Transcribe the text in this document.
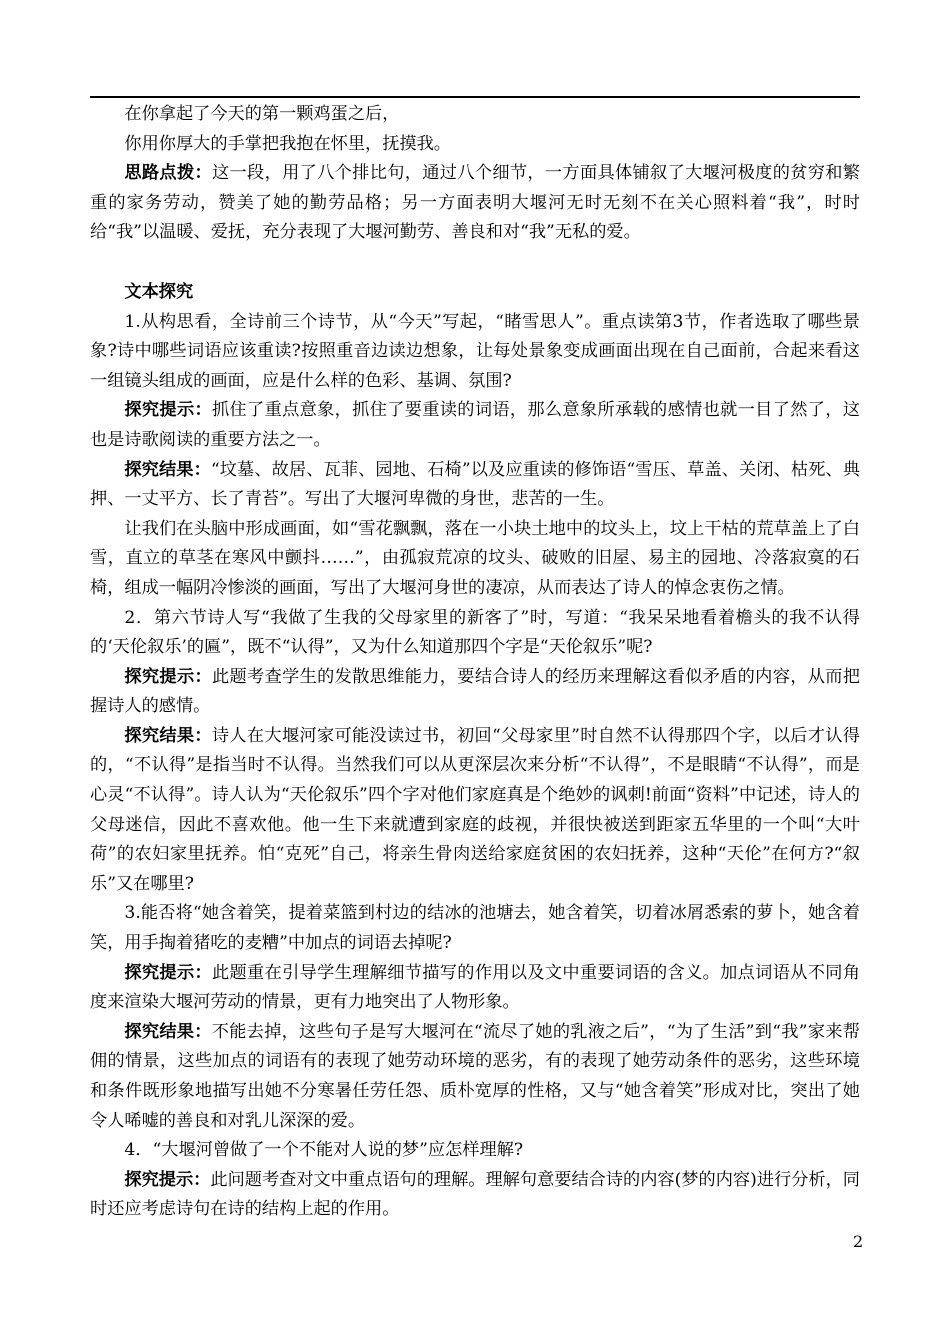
在你拿起了今天的第一颗鸡蛋之后，

你用你厚大的手掌把我抱在怀里，抚摸我。

思路点拨：这一段，用了八个排比句，通过八个细节，一方面具体铺叙了大堰河极度的贫穷和繁重的家务劳动，赞美了她的勤劳品格；另一方面表明大堰河无时无刻不在关心照料着“我”，时时给“我”以温暖、爱抚，充分表现了大堰河勤劳、善良和对“我”无私的爱。

文本探究

1.从构思看，全诗前三个诗节，从“今天”写起，“睹雪思人”。重点读第3节，作者选取了哪些景象?诗中哪些词语应该重读?按照重音边读边想象，让每处景象变成画面出现在自己面前，合起来看这一组镜头组成的画面，应是什么样的色彩、基调、氛围?

探究提示：抓住了重点意象，抓住了要重读的词语，那么意象所承载的感情也就一目了然了，这也是诗歌阅读的重要方法之一。

探究结果：“坟墓、故居、瓦菲、园地、石椅”以及应重读的修饰语“雪压、草盖、关闭、枯死、典押、一丈平方、长了青苔”。写出了大堰河卑微的身世，悲苦的一生。

让我们在头脑中形成画面，如“雪花飘飘，落在一小块土地中的坟头上，坟上干枯的荒草盖上了白雪，直立的草茎在寒风中颤抖……”，由孤寂荒凉的坟头、破败的旧屋、易主的园地、冷落寂寞的石椅，组成一幅阴冷惨淡的画面，写出了大堰河身世的凄凉，从而表达了诗人的悼念衷伤之情。

2．第六节诗人写“我做了生我的父母家里的新客了”时，写道：“我呆呆地看着檐头的我不认得的‘天伦叙乐’的匾”，既不“认得”，又为什么知道那四个字是“天伦叙乐”呢?

探究提示：此题考查学生的发散思维能力，要结合诗人的经历来理解这看似矛盾的内容，从而把握诗人的感情。

探究结果：诗人在大堰河家可能没读过书，初回“父母家里”时自然不认得那四个字，以后才认得的，“不认得”是指当时不认得。当然我们可以从更深层次来分析“不认得”，不是眼睛“不认得”，而是心灵“不认得”。诗人认为“天伦叙乐”四个字对他们家庭真是个绝妙的讽刺!前面“资料”中记述，诗人的父母迷信，因此不喜欢他。他一生下来就遭到家庭的歧视，并很快被送到距家五华里的一个叫“大叶荷”的农妇家里抚养。怕“克死”自己，将亲生骨肉送给家庭贫困的农妇抚养，这种“天伦”在何方?“叙乐”又在哪里?

3.能否将“她含着笑，提着菜篮到村边的结冰的池塘去，她含着笑，切着冰屑悉索的萝卜，她含着笑，用手掏着猪吃的麦糟”中加点的词语去掉呢?

探究提示：此题重在引导学生理解细节描写的作用以及文中重要词语的含义。加点词语从不同角度来渲染大堰河劳动的情景，更有力地突出了人物形象。

探究结果：不能去掉，这些句子是写大堰河在“流尽了她的乳液之后”，“为了生活”到“我”家来帮佣的情景，这些加点的词语有的表现了她劳动环境的恶劣，有的表现了她劳动条件的恶劣，这些环境和条件既形象地描写出她不分寒暑任劳任怨、质朴宽厚的性格，又与“她含着笑”形成对比，突出了她令人唏嘘的善良和对乳儿深深的爱。

4．“大堰河曾做了一个不能对人说的梦”应怎样理解?

探究提示：此问题考查对文中重点语句的理解。理解句意要结合诗的内容(梦的内容)进行分析，同时还应考虑诗句在诗的结构上起的作用。

2
